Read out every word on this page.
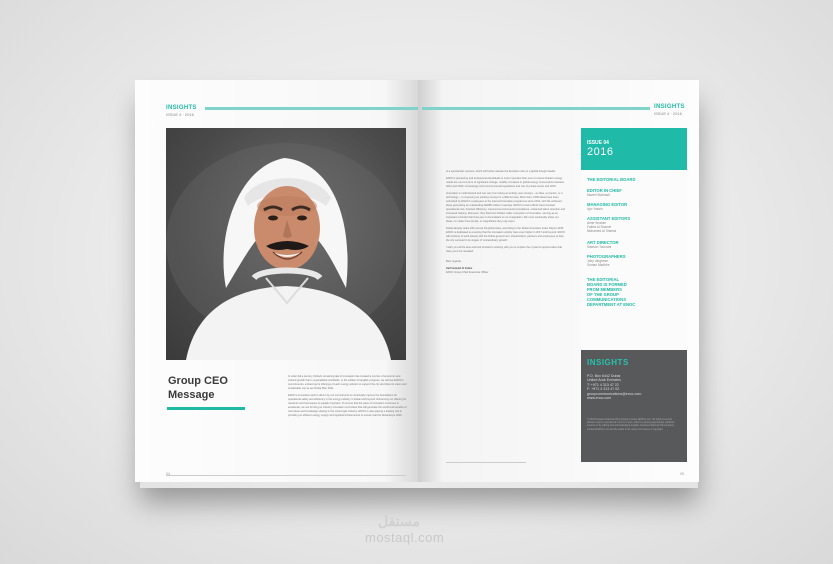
INSIGHTS
ISSUE 4 · 2016
Group CEO
Message

In order fall a century, Dubai's remaining tale of innovation has created a number of economic and cultural growth that is unparalleled worldwide. In the edition of tangible progress, we will see ENOC's commitments, enhancing its offerings of each energy solution to support the city and drive its vision and sustainable city as per Dubai Plan 2021.

ENOC's innovative spirit is driven by our commitment to continually improve the foundations for operational safety and efficiency in the energy industry in Dubai and beyond. Enhancing our offering for residents and businesses is equally important. To ensure that the pace of innovation continues to accelerate, we are forming an industry innovation committee that will generate the world and benefits of new ideas and knowledge sharing in the oil and gas industry. ENOC is also playing a leading role in providing an efficient energy supply and logistical infrastructure to ensure that the Dubai Expo 2020.

04
INSIGHTS
ISSUE 4 · 2016

is a spectacular success, which will further elevate the Emirate's role on a global thought leader.

ENOC's pioneering and entrepreneurial attitude is more important than ever to ensure Dubai's energy needs are met at a time of significant change, notably increases in global energy consumption between 2012 and 2040, increasingly strict environmental regulations and rise of private sector and 2016.

Innovation is multi-faceted and can vary from being an entirely new concept – an idea, a process, or a technology – to improving an existing concept in a different way. More than 1,500 ideas have been submitted by ENOC's employees to the internal innovation programme since 2012, with the achieved ideas generating an outstanding AED89 million in savings. ENOC's recent efforts have boosted operational cost, boosted efficiency, improved environmental compliance, enhanced talent retention and increased training. Moreover, they fitted into Dubai's wider ecosystem of innovation, serving as an important reminder that there are no boundaries to our imagination. We must continually share our ideas, no matter how simple, or insignificant they may seem.

Dubai already ranks 10th across 39 global cities, according to the Dubai Innovation Index Report 2015. ENOC is dedicated to ensuring that the innovation activity rises even higher in 2017 and beyond. ENOC will continue to work closely with the Dubai government, shareholders, partners and employees to help the city succeed in its slogan of 'extraordinary growth'.

I wish you all the best and look forward to working with you to explore the myriad of opportunities that have yet to be revealed.

Best regards,

Saif Humaid Al Falasi
ENOC Group Chief Executive Officer
05
ISSUE 04
2016
THE EDITORIAL BOARD
EDITOR IN CHIEF
Mazeh Bukhash
MANAGING EDITOR
Ayo Yassin
ASSISTANT EDITORS
Amer Ibrahim
Fatma Al Shamsi
Mohamed Al Shamsi
ART DIRECTOR
Sawson Toumani
PHOTOGRAPHERS
Joby Varghese
Suman Madhire
THE EDITORIAL
BOARD IS FORMED
FROM MEMBERS
OF THE GROUP
COMMUNICATIONS
DEPARTMENT AT ENOC
INSIGHTS
P.O. Box 6442 Dubai
United Arab Emirates
T: +971 4 313 47 22
F: +971 4 313 47 02
groupcommunications@enoc.com
www.enoc.com
© 2016 Emirates National Oil Company Limited (ENOC) LLC. All rights reserved. Articles may be reproduced in full or in part, either by quoting appropriate publisher sources or by editing and acknowledging Insights. Emirates National Oil Company Limited (ENOC) LLC and the editor is the owner and owner of copyright.
مستقل
mostaql.com
